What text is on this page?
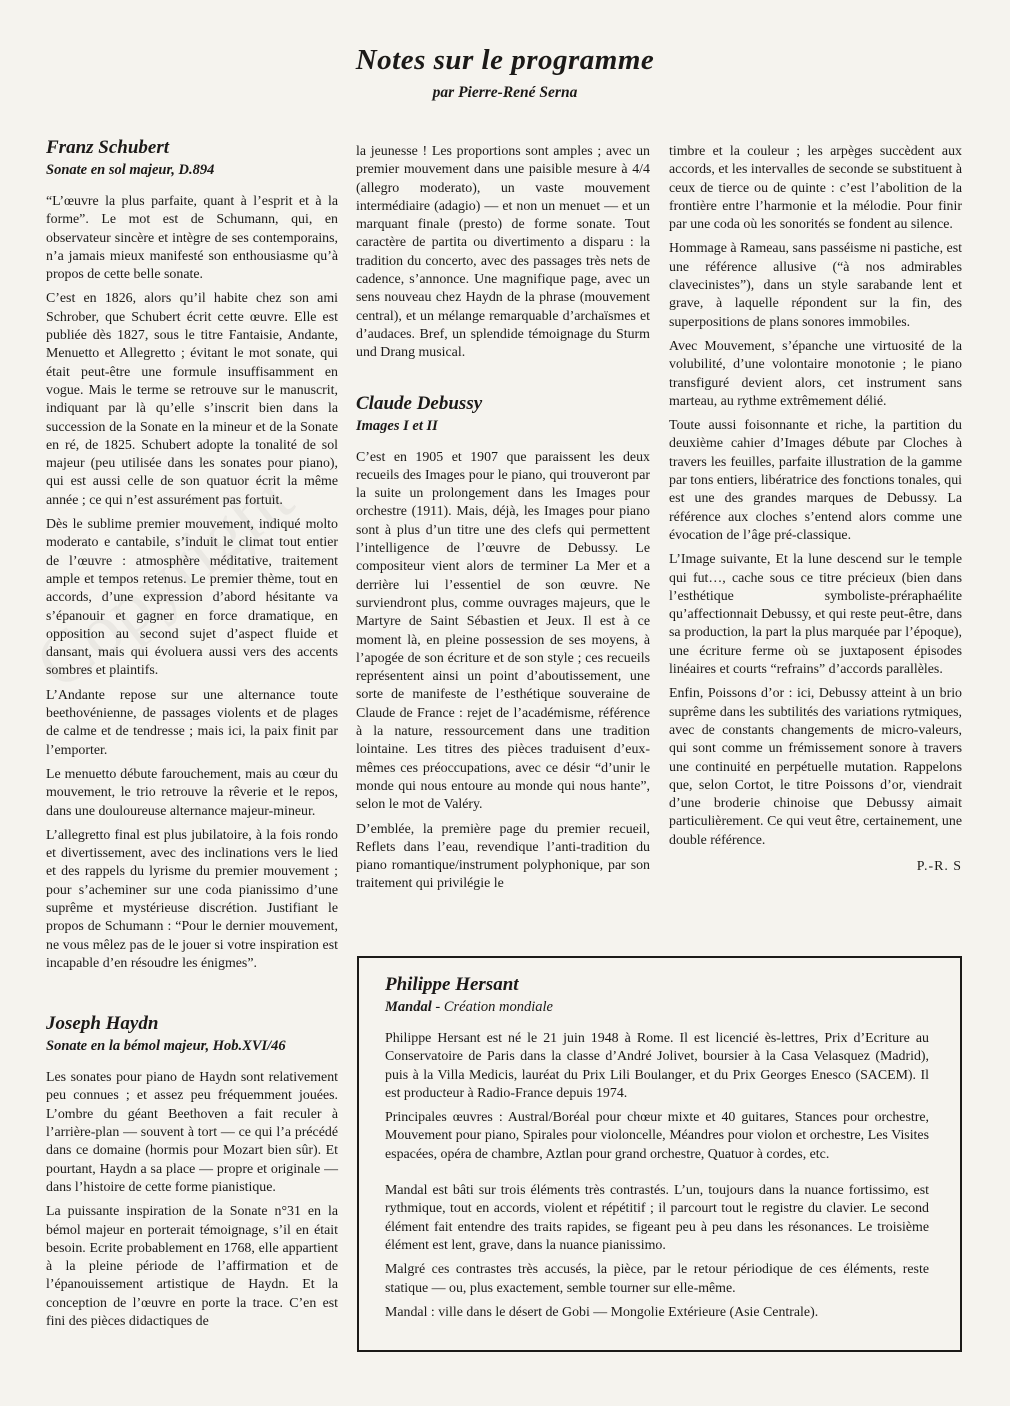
Notes sur le programme
par Pierre-René Serna
Franz Schubert
Sonate en sol majeur, D.894

“L’œuvre la plus parfaite, quant à l’esprit et à la forme”. Le mot est de Schumann, qui, en observateur sincère et intègre de ses contemporains, n’a jamais mieux manifesté son enthousiasme qu’à propos de cette belle sonate.

C’est en 1826, alors qu’il habite chez son ami Schrober, que Schubert écrit cette œuvre. Elle est publiée dès 1827, sous le titre Fantaisie, Andante, Menuetto et Allegretto ; évitant le mot sonate, qui était peut-être une formule insuffisamment en vogue. Mais le terme se retrouve sur le manuscrit, indiquant par là qu’elle s’inscrit bien dans la succession de la Sonate en la mineur et de la Sonate en ré, de 1825. Schubert adopte la tonalité de sol majeur (peu utilisée dans les sonates pour piano), qui est aussi celle de son quatuor écrit la même année ; ce qui n’est assurément pas fortuit.

Dès le sublime premier mouvement, indiqué molto moderato e cantabile, s’induit le climat tout entier de l’œuvre : atmosphère méditative, traitement ample et tempos retenus. Le premier thème, tout en accords, d’une expression d’abord hésitante va s’épanouir et gagner en force dramatique, en opposition au second sujet d’aspect fluide et dansant, mais qui évoluera aussi vers des accents sombres et plaintifs.

L’Andante repose sur une alternance toute beethovénienne, de passages violents et de plages de calme et de tendresse ; mais ici, la paix finit par l’emporter.

Le menuetto débute farouchement, mais au cœur du mouvement, le trio retrouve la rêverie et le repos, dans une douloureuse alternance majeur-mineur.

L’allegretto final est plus jubilatoire, à la fois rondo et divertissement, avec des inclinations vers le lied et des rappels du lyrisme du premier mouvement ; pour s’acheminer sur une coda pianissimo d’une suprême et mystérieuse discrétion. Justifiant le propos de Schumann : “Pour le dernier mouvement, ne vous mêlez pas de le jouer si votre inspiration est incapable d’en résoudre les énigmes”.

Joseph Haydn
Sonate en la bémol majeur, Hob.XVI/46

Les sonates pour piano de Haydn sont relativement peu connues ; et assez peu fréquemment jouées. L’ombre du géant Beethoven a fait reculer à l’arrière-plan — souvent à tort — ce qui l’a précédé dans ce domaine (hormis pour Mozart bien sûr). Et pourtant, Haydn a sa place — propre et originale — dans l’histoire de cette forme pianistique.

La puissante inspiration de la Sonate n°31 en la bémol majeur en porterait témoignage, s’il en était besoin. Ecrite probablement en 1768, elle appartient à la pleine période de l’affirmation et de l’épanouissement artistique de Haydn. Et la conception de l’œuvre en porte la trace. C’en est fini des pièces didactiques de

la jeunesse ! Les proportions sont amples ; avec un premier mouvement dans une paisible mesure à 4/4 (allegro moderato), un vaste mouvement intermédiaire (adagio) — et non un menuet — et un marquant finale (presto) de forme sonate. Tout caractère de partita ou divertimento a disparu : la tradition du concerto, avec des passages très nets de cadence, s’annonce. Une magnifique page, avec un sens nouveau chez Haydn de la phrase (mouvement central), et un mélange remarquable d’archaïsmes et d’audaces. Bref, un splendide témoignage du Sturm und Drang musical.

Claude Debussy
Images I et II

C’est en 1905 et 1907 que paraissent les deux recueils des Images pour le piano, qui trouveront par la suite un prolongement dans les Images pour orchestre (1911). Mais, déjà, les Images pour piano sont à plus d’un titre une des clefs qui permettent l’intelligence de l’œuvre de Debussy. Le compositeur vient alors de terminer La Mer et a derrière lui l’essentiel de son œuvre. Ne surviendront plus, comme ouvrages majeurs, que le Martyre de Saint Sébastien et Jeux. Il est à ce moment là, en pleine possession de ses moyens, à l’apogée de son écriture et de son style ; ces recueils représentent ainsi un point d’aboutissement, une sorte de manifeste de l’esthétique souveraine de Claude de France : rejet de l’académisme, référence à la nature, ressourcement dans une tradition lointaine. Les titres des pièces traduisent d’eux-mêmes ces préoccupations, avec ce désir “d’unir le monde qui nous entoure au monde qui nous hante”, selon le mot de Valéry.

D’emblée, la première page du premier recueil, Reflets dans l’eau, revendique l’anti-tradition du piano romantique/instrument polyphonique, par son traitement qui privilégie le

timbre et la couleur ; les arpèges succèdent aux accords, et les intervalles de seconde se substituent à ceux de tierce ou de quinte : c’est l’abolition de la frontière entre l’harmonie et la mélodie. Pour finir par une coda où les sonorités se fondent au silence.

Hommage à Rameau, sans passéisme ni pastiche, est une référence allusive (“à nos admirables clavecinistes”), dans un style sarabande lent et grave, à laquelle répondent sur la fin, des superpositions de plans sonores immobiles.

Avec Mouvement, s’épanche une virtuosité de la volubilité, d’une volontaire monotonie ; le piano transfiguré devient alors, cet instrument sans marteau, au rythme extrêmement délié.

Toute aussi foisonnante et riche, la partition du deuxième cahier d’Images débute par Cloches à travers les feuilles, parfaite illustration de la gamme par tons entiers, libératrice des fonctions tonales, qui est une des grandes marques de Debussy. La référence aux cloches s’entend alors comme une évocation de l’âge pré-classique.

L’Image suivante, Et la lune descend sur le temple qui fut…, cache sous ce titre précieux (bien dans l’esthétique symboliste-préraphaélite qu’affectionnait Debussy, et qui reste peut-être, dans sa production, la part la plus marquée par l’époque), une écriture ferme où se juxtaposent épisodes linéaires et courts “refrains” d’accords parallèles.

Enfin, Poissons d’or : ici, Debussy atteint à un brio suprême dans les subtilités des variations rytmiques, avec de constants changements de micro-valeurs, qui sont comme un frémissement sonore à travers une continuité en perpétuelle mutation. Rappelons que, selon Cortot, le titre Poissons d’or, viendrait d’une broderie chinoise que Debussy aimait particulièrement. Ce qui veut être, certainement, une double référence.

P.-R. S
Philippe Hersant
Mandal - Création mondiale

Philippe Hersant est né le 21 juin 1948 à Rome. Il est licencié ès-lettres, Prix d’Ecriture au Conservatoire de Paris dans la classe d’André Jolivet, boursier à la Casa Velasquez (Madrid), puis à la Villa Medicis, lauréat du Prix Lili Boulanger, et du Prix Georges Enesco (SACEM). Il est producteur à Radio-France depuis 1974.

Principales œuvres : Austral/Boréal pour chœur mixte et 40 guitares, Stances pour orchestre, Mouvement pour piano, Spirales pour violoncelle, Méandres pour violon et orchestre, Les Visites espacées, opéra de chambre, Aztlan pour grand orchestre, Quatuor à cordes, etc.

Mandal est bâti sur trois éléments très contrastés. L’un, toujours dans la nuance fortissimo, est rythmique, tout en accords, violent et répétitif ; il parcourt tout le registre du clavier. Le second élément fait entendre des traits rapides, se figeant peu à peu dans les résonances. Le troisième élément est lent, grave, dans la nuance pianissimo.

Malgré ces contrastes très accusés, la pièce, par le retour périodique de ces éléments, reste statique — ou, plus exactement, semble tourner sur elle-même.

Mandal : ville dans le désert de Gobi — Mongolie Extérieure (Asie Centrale).
